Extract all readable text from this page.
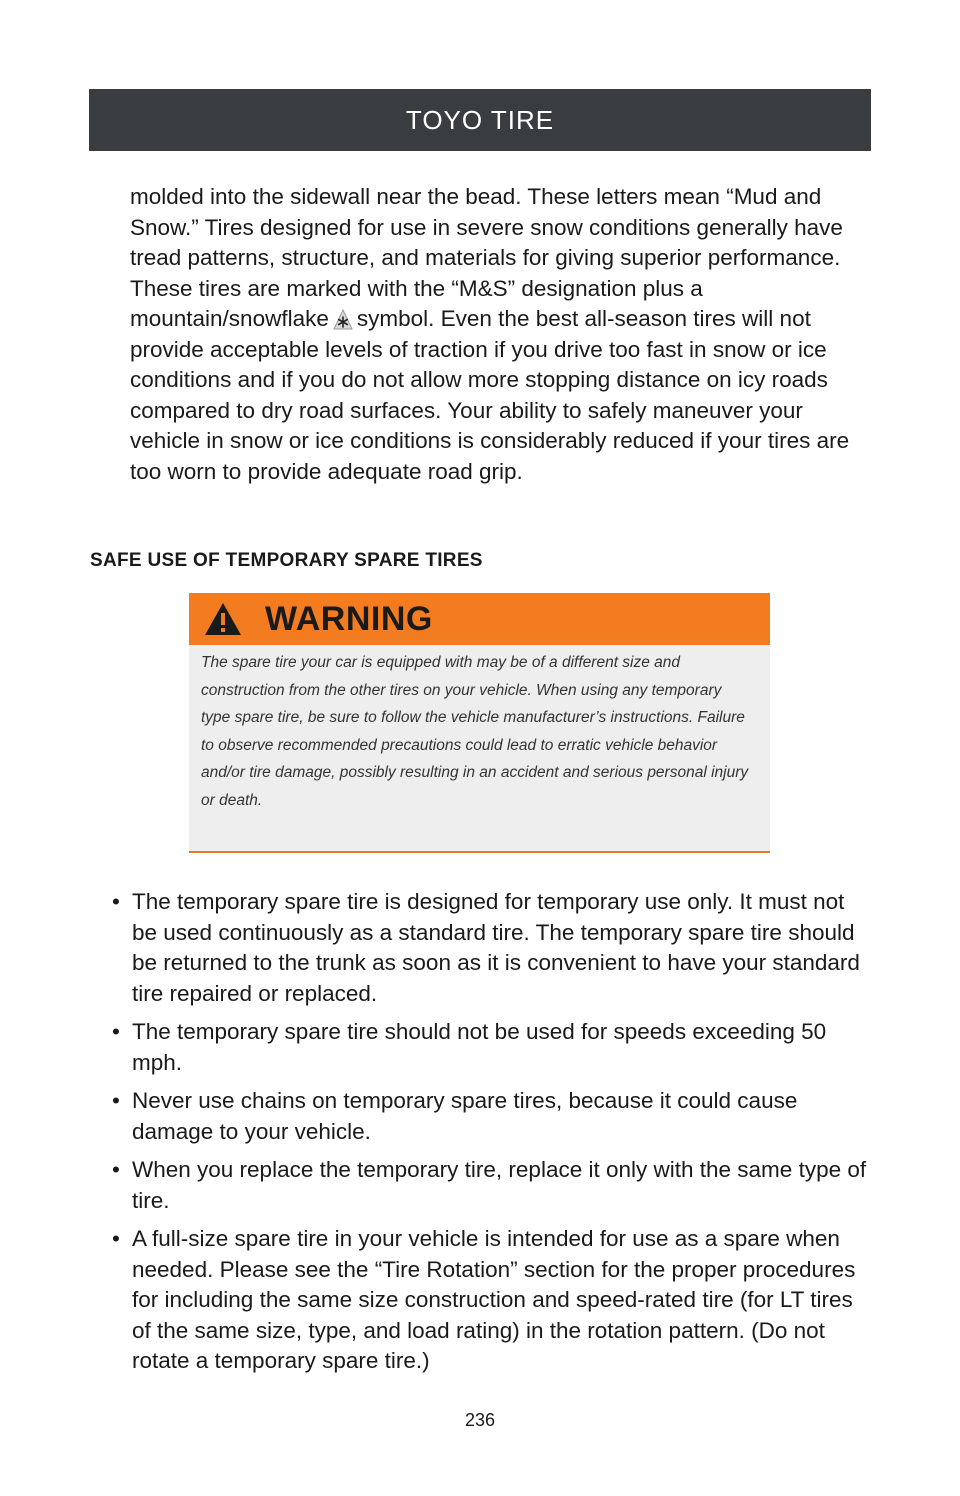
TOYO TIRE

molded into the sidewall near the bead. These letters mean “Mud and Snow.” Tires designed for use in severe snow conditions generally have tread patterns, structure, and materials for giving superior performance. These tires are marked with the “M&S” designation plus a mountain/snowflake symbol. Even the best all-season tires will not provide acceptable levels of traction if you drive too fast in snow or ice conditions and if you do not allow more stopping distance on icy roads compared to dry road surfaces. Your ability to safely maneuver your vehicle in snow or ice conditions is considerably reduced if your tires are too worn to provide adequate road grip.

SAFE USE OF TEMPORARY SPARE TIRES
WARNING

The spare tire your car is equipped with may be of a different size and construction from the other tires on your vehicle. When using any temporary type spare tire, be sure to follow the vehicle manufacturer’s instructions. Failure to observe recommended precautions could lead to erratic vehicle behavior and/or tire damage, possibly resulting in an accident and serious personal injury or death.

• The temporary spare tire is designed for temporary use only. It must not be used continuously as a standard tire. The temporary spare tire should be returned to the trunk as soon as it is convenient to have your standard tire repaired or replaced.
• The temporary spare tire should not be used for speeds exceeding 50 mph.
• Never use chains on temporary spare tires, because it could cause damage to your vehicle.
• When you replace the temporary tire, replace it only with the same type of tire.
• A full-size spare tire in your vehicle is intended for use as a spare when needed. Please see the “Tire Rotation” section for the proper procedures for including the same size construction and speed-rated tire (for LT tires of the same size, type, and load rating) in the rotation pattern. (Do not rotate a temporary spare tire.)
236
